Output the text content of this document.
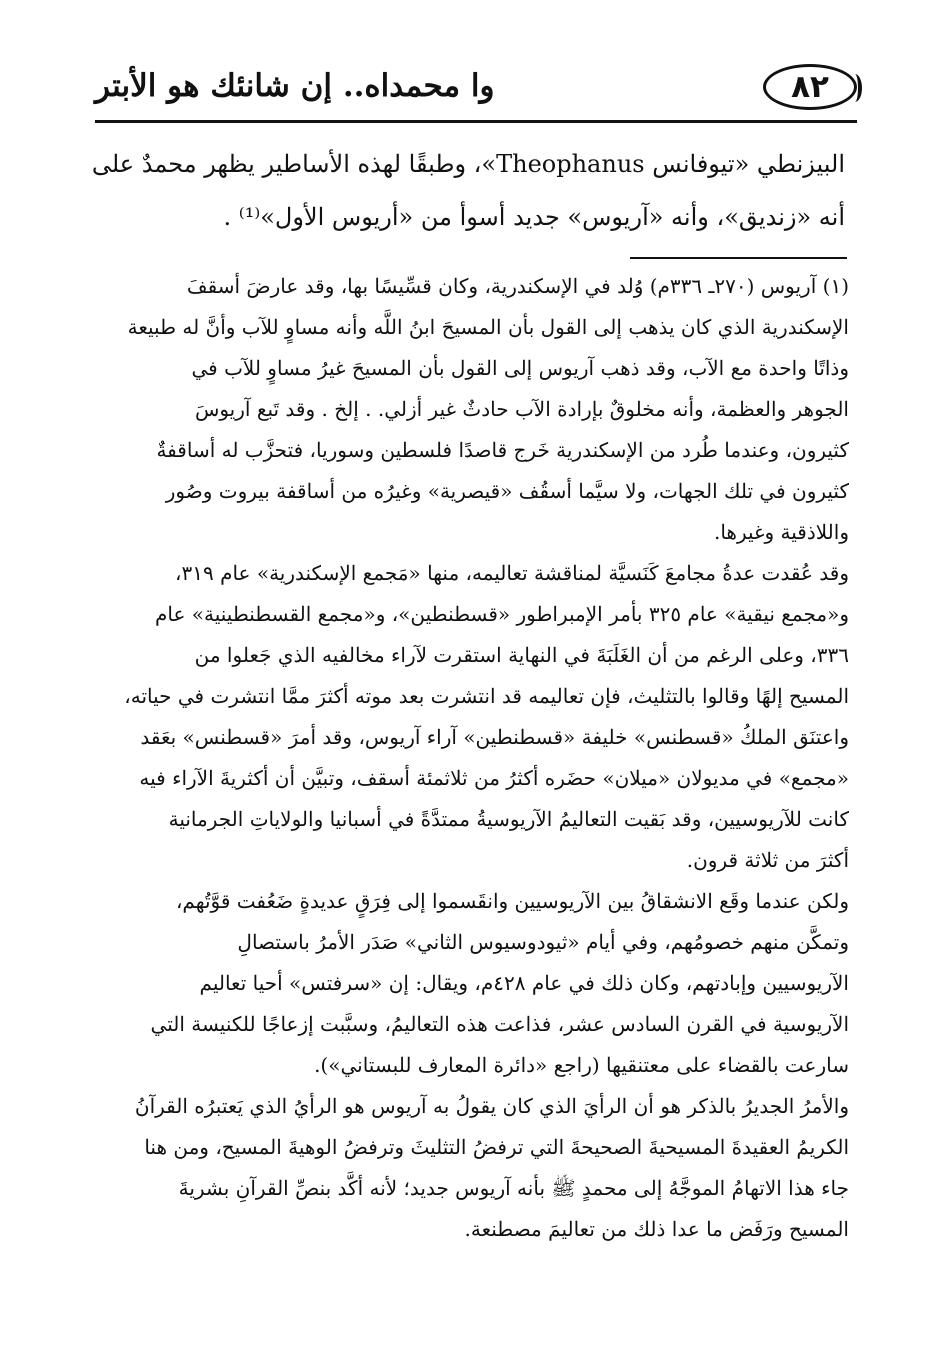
وا محمداه.. إن شانئك هو الأبتر	٨٢

البيزنطي «تيوفانس Theophanus»، وطبقًا لهذه الأساطير يظهر محمدٌ على

أنه «زنديق»، وأنه «آريوس» جديد أسوأ من «أريوس الأول»⁽¹⁾ .

(١) آريوس (٢٧٠ـ ٣٣٦م) وُلد في الإسكندرية، وكان قسِّيسًا بها، وقد عارضَ أسقفَ

الإسكندرية الذي كان يذهب إلى القول بأن المسيحَ ابنُ اللَّه وأنه مساوٍ للآب وأنَّ له طبيعة

وذاتًا واحدة مع الآب، وقد ذهب آريوس إلى القول بأن المسيحَ غيرُ مساوٍ للآب في

الجوهر والعظمة، وأنه مخلوقٌ بإرادة الآب حادثٌ غير أزلي. . إلخ . وقد تَبع آريوسَ

كثيرون، وعندما طُرد من الإسكندرية خَرج قاصدًا فلسطين وسوريا، فتحزَّب له أساقفةٌ

كثيرون في تلك الجهات، ولا سيَّما أسقُف «قيصرية» وغيرُه من أساقفة بيروت وصُور

واللاذقية وغيرها.

وقد عُقدت عدةُ مجامعَ كَنَسيَّة لمناقشة تعاليمه، منها «مَجمع الإسكندرية» عام ٣١٩،

و«مجمع نيقية» عام ٣٢٥ بأمر الإمبراطور «قسطنطين»، و«مجمع القسطنطينية» عام

٣٣٦، وعلى الرغم من أن الغَلَبَةَ في النهاية استقرت لآراء مخالفيه الذي جَعلوا من

المسيح إلهًا وقالوا بالتثليث، فإن تعاليمه قد انتشرت بعد موته أكثرَ ممَّا انتشرت في حياته،

واعتنَق الملكُ «قسطنس» خليفة «قسطنطين» آراء آريوس، وقد أمرَ «قسطنس» بعَقد

«مجمع» في مديولان «ميلان» حضَره أكثرُ من ثلاثمئة أسقف، وتبيَّن أن أكثريةَ الآراء فيه

كانت للآريوسيين، وقد بَقيت التعاليمُ الآريوسيةُ ممتدَّةً في أسبانيا والولاياتِ الجرمانية

أكثرَ من ثلاثة قرون.

ولكن عندما وقَع الانشقاقُ بين الآريوسيين وانقَسموا إلى فِرَقٍ عديدةٍ ضَعُفت قوَّتُهم،

وتمكَّن منهم خصومُهم، وفي أيام «ثيودوسيوس الثاني» صَدَر الأمرُ باستصالِ

الآريوسيين وإبادتهم، وكان ذلك في عام ٤٢٨م، ويقال: إن «سرفتس» أحيا تعاليم

الآريوسية في القرن السادس عشر، فذاعت هذه التعاليمُ، وسبَّبت إزعاجًا للكنيسة التي

سارعت بالقضاء على معتنقيها (راجع «دائرة المعارف للبستاني»).

والأمرُ الجديرُ بالذكر هو أن الرأيَ الذي كان يقولُ به آريوس هو الرأيُ الذي يَعتبرُه القرآنُ

الكريمُ العقيدةَ المسيحيةَ الصحيحةَ التي ترفضُ التثليثَ وترفضُ الوهيةَ المسيح، ومن هنا

جاء هذا الاتهامُ الموجَّهُ إلى محمدٍ ﷺ بأنه آريوس جديد؛ لأنه أكَّد بنصِّ القرآنِ بشريةَ

المسيح ورَفَض ما عدا ذلك من تعاليمَ مصطنعة.
